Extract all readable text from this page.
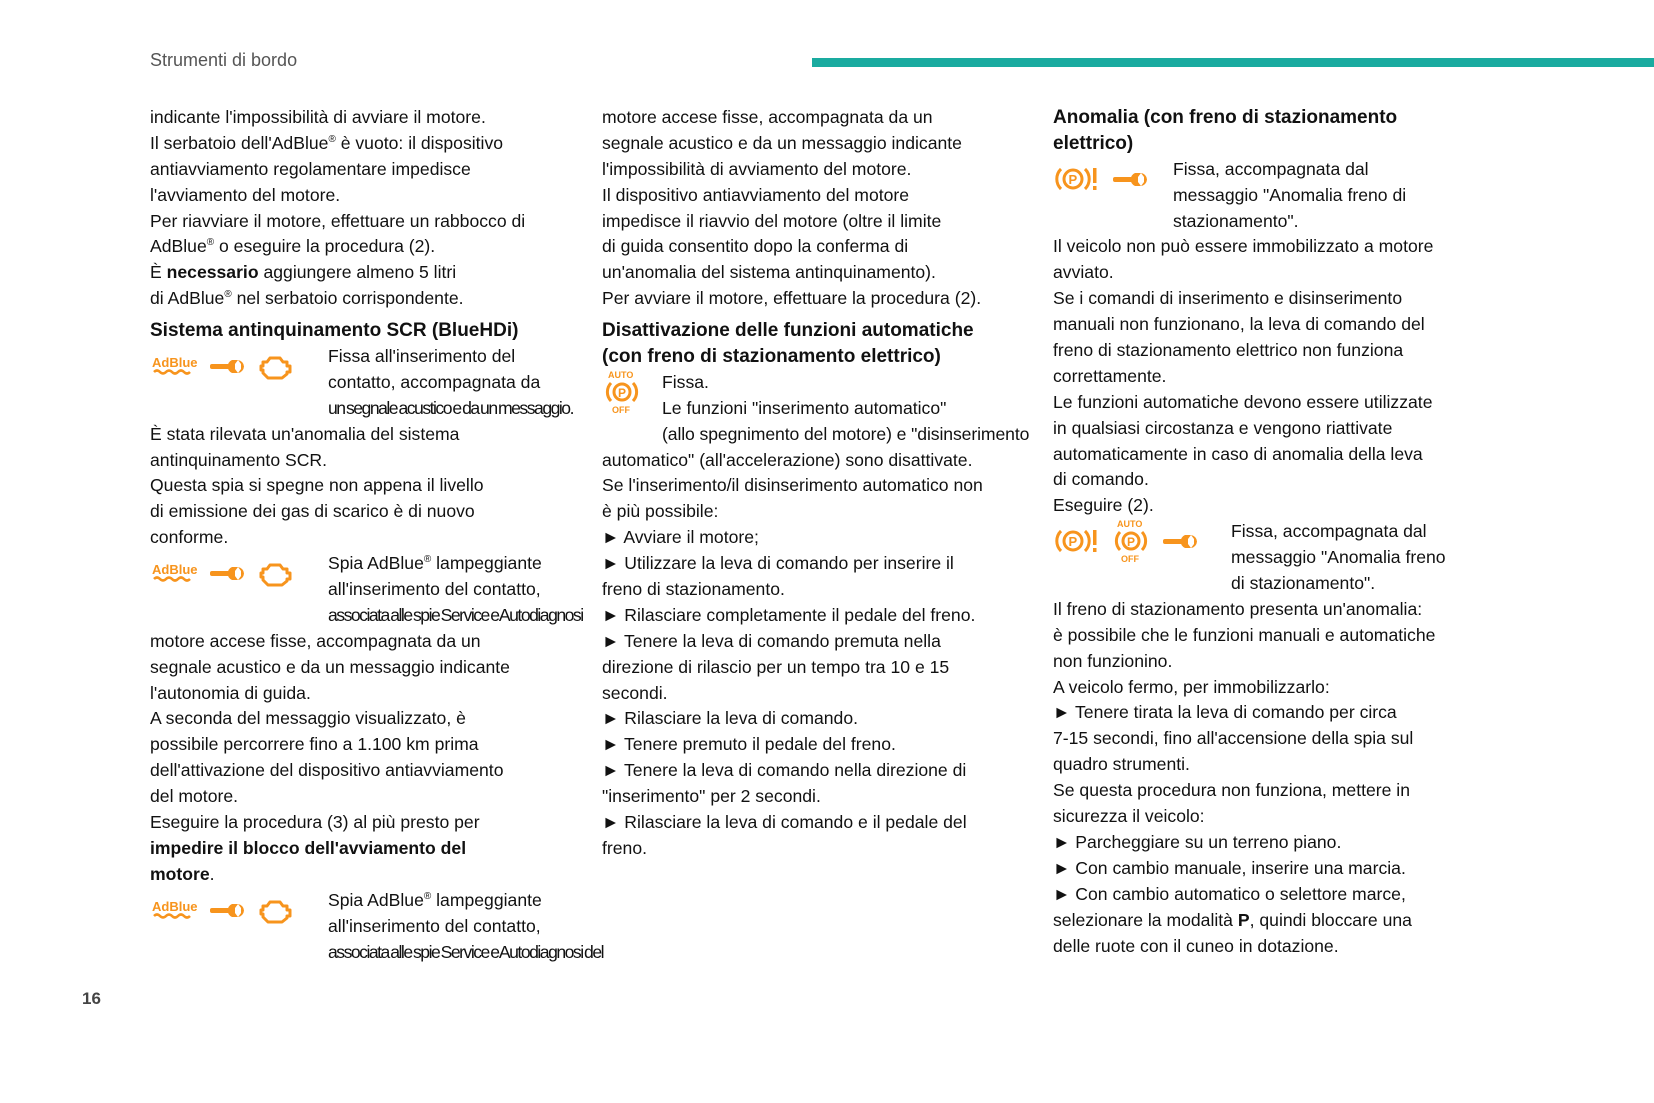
Strumenti di bordo
indicante l'impossibilità di avviare il motore.
Il serbatoio dell'AdBlue® è vuoto: il dispositivo
antiavviamento regolamentare impedisce
l'avviamento del motore.
Per riavviare il motore, effettuare un rabbocco di
AdBlue® o eseguire la procedura (2).
È necessario aggiungere almeno 5 litri
di AdBlue® nel serbatoio corrispondente.
Sistema antinquinamento SCR (BlueHDi)
AdBlue	Fissa all'inserimento del
contatto, accompagnata da
un segnale acustico e da un messaggio.
È stata rilevata un'anomalia del sistema
antinquinamento SCR.
Questa spia si spegne non appena il livello
di emissione dei gas di scarico è di nuovo
conforme.
AdBlue	Spia AdBlue® lampeggiante
all'inserimento del contatto,
associata alle spie Service e Autodiagnosi
motore accese fisse, accompagnata da un
segnale acustico e da un messaggio indicante
l'autonomia di guida.
A seconda del messaggio visualizzato, è
possibile percorrere fino a 1.100 km prima
dell'attivazione del dispositivo antiavviamento
del motore.
Eseguire la procedura (3) al più presto per
impedire il blocco dell'avviamento del
motore.
AdBlue	Spia AdBlue® lampeggiante
all'inserimento del contatto,
associata alle spie Service e Autodiagnosi del
motore accese fisse, accompagnata da un
segnale acustico e da un messaggio indicante
l'impossibilità di avviamento del motore.
Il dispositivo antiavviamento del motore
impedisce il riavvio del motore (oltre il limite
di guida consentito dopo la conferma di
un'anomalia del sistema antinquinamento).
Per avviare il motore, effettuare la procedura (2).
Disattivazione delle funzioni automatiche
(con freno di stazionamento elettrico)
AUTO
P
OFF
Fissa.
Le funzioni "inserimento automatico"
(allo spegnimento del motore) e "disinserimento
automatico" (all'accelerazione) sono disattivate.
Se l'inserimento/il disinserimento automatico non
è più possibile:
► Avviare il motore;
► Utilizzare la leva di comando per inserire il
freno di stazionamento.
► Rilasciare completamente il pedale del freno.
► Tenere la leva di comando premuta nella
direzione di rilascio per un tempo tra 10 e 15
secondi.
► Rilasciare la leva di comando.
► Tenere premuto il pedale del freno.
► Tenere la leva di comando nella direzione di
"inserimento" per 2 secondi.
► Rilasciare la leva di comando e il pedale del
freno.
Anomalia (con freno di stazionamento
elettrico)
P
Fissa, accompagnata dal
messaggio "Anomalia freno di
stazionamento".
Il veicolo non può essere immobilizzato a motore
avviato.
Se i comandi di inserimento e disinserimento
manuali non funzionano, la leva di comando del
freno di stazionamento elettrico non funziona
correttamente.
Le funzioni automatiche devono essere utilizzate
in qualsiasi circostanza e vengono riattivate
automaticamente in caso di anomalia della leva
di comando.
Eseguire (2).
P
AUTO
P
OFF
Fissa, accompagnata dal
messaggio "Anomalia freno
di stazionamento".
Il freno di stazionamento presenta un'anomalia:
è possibile che le funzioni manuali e automatiche
non funzionino.
A veicolo fermo, per immobilizzarlo:
► Tenere tirata la leva di comando per circa
7-15 secondi, fino all'accensione della spia sul
quadro strumenti.
Se questa procedura non funziona, mettere in
sicurezza il veicolo:
► Parcheggiare su un terreno piano.
► Con cambio manuale, inserire una marcia.
► Con cambio automatico o selettore marce,
selezionare la modalità P, quindi bloccare una
delle ruote con il cuneo in dotazione.
16
